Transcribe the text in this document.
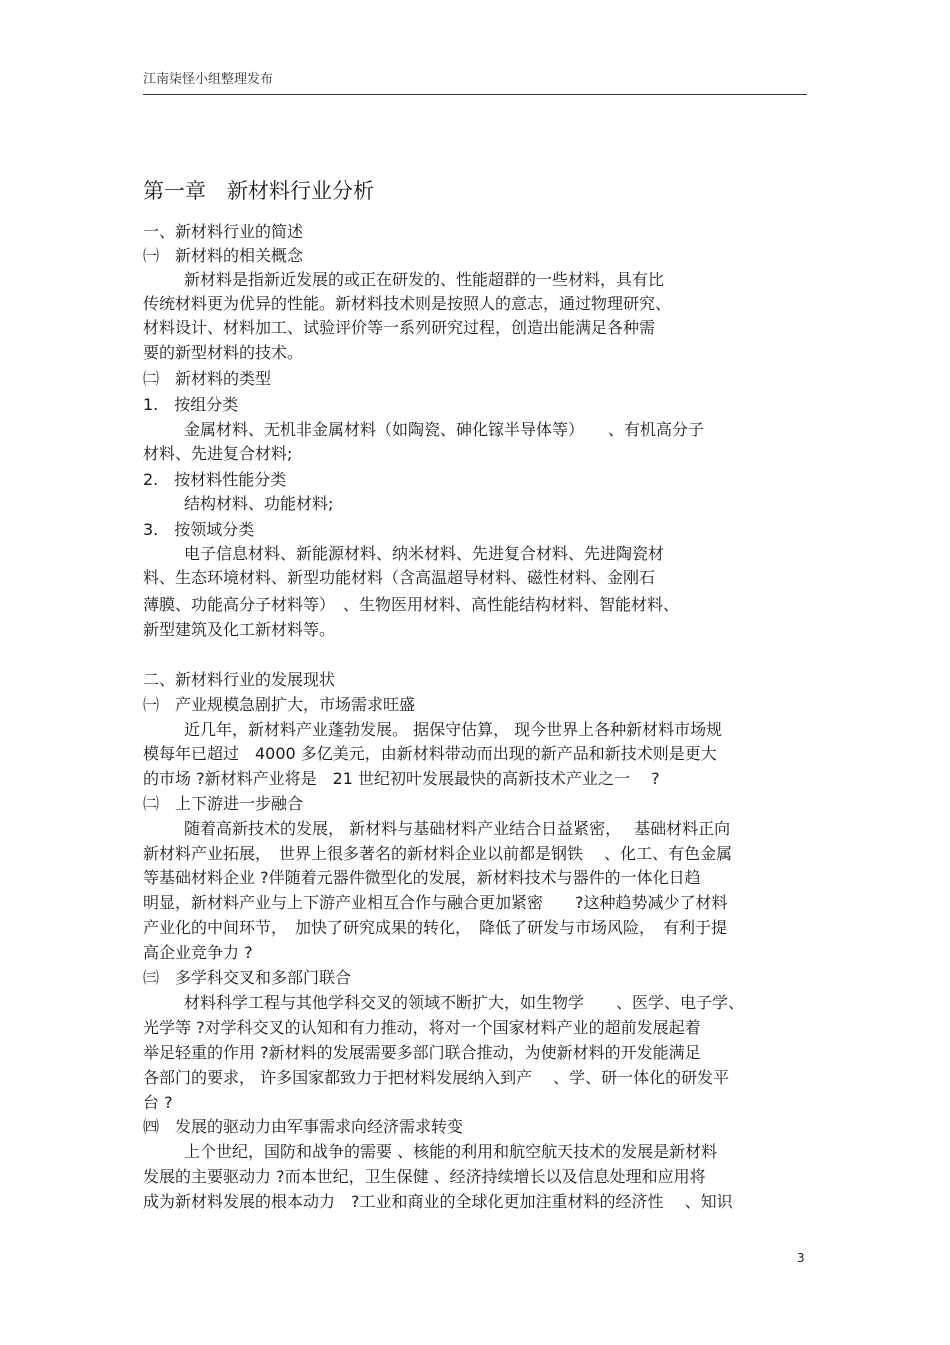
江南柒怪小组整理发布
第一章　新材料行业分析
一、新材料行业的简述
㈠　新材料的相关概念
新材料是指新近发展的或正在研发的、性能超群的一些材料，具有比
传统材料更为优异的性能。新材料技术则是按照人的意志，通过物理研究、
材料设计、材料加工、试验评价等一系列研究过程，创造出能满足各种需
要的新型材料的技术。
㈡　新材料的类型
1.　按组分类
金属材料、无机非金属材料（如陶瓷、砷化镓半导体等）　　、有机高分子
材料、先进复合材料;
2.　按材料性能分类
结构材料、功能材料;
3.　按领域分类
电子信息材料、新能源材料、纳米材料、先进复合材料、先进陶瓷材
料、生态环境材料、新型功能材料（含高温超导材料、磁性材料、金刚石
薄膜、功能高分子材料等）　、生物医用材料、高性能结构材料、智能材料、
新型建筑及化工新材料等。
二、新材料行业的发展现状
㈠　产业规模急剧扩大，市场需求旺盛
近几年，新材料产业蓬勃发展。 据保守估算， 现今世界上各种新材料市场规
模每年已超过　4000 多亿美元，由新材料带动而出现的新产品和新技术则是更大
的市场 ?新材料产业将是　21 世纪初叶发展最快的高新技术产业之一　 ?
㈡　上下游进一步融合
随着高新技术的发展， 新材料与基础材料产业结合日益紧密，　 基础材料正向
新材料产业拓展，　世界上很多著名的新材料企业以前都是钢铁　 、化工、有色金属
等基础材料企业 ?伴随着元器件微型化的发展，新材料技术与器件的一体化日趋
明显，新材料产业与上下游产业相互合作与融合更加紧密　　?这种趋势减少了材料
产业化的中间环节，　加快了研究成果的转化，　降低了研发与市场风险，　有利于提
高企业竞争力 ?
㈢　多学科交叉和多部门联合
材料科学工程与其他学科交叉的领域不断扩大，如生物学　　、医学、电子学、
光学等 ?对学科交叉的认知和有力推动，将对一个国家材料产业的超前发展起着
举足轻重的作用 ?新材料的发展需要多部门联合推动，为使新材料的开发能满足
各部门的要求， 许多国家都致力于把材料发展纳入到产　 、学、研一体化的研发平
台 ?
㈣　发展的驱动力由军事需求向经济需求转变
上个世纪，国防和战争的需要 、核能的利用和航空航天技术的发展是新材料
发展的主要驱动力 ?而本世纪，卫生保健 、经济持续增长以及信息处理和应用将
成为新材料发展的根本动力　?工业和商业的全球化更加注重材料的经济性　 、知识
3
